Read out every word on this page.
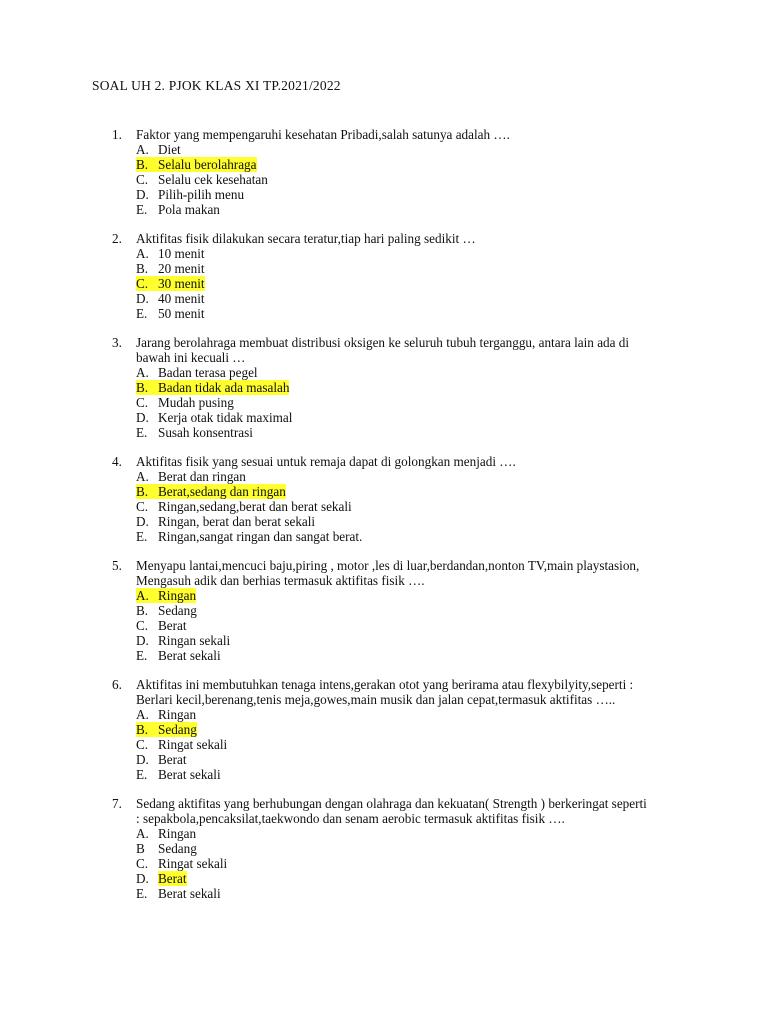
SOAL UH 2. PJOK KLAS XI TP.2021/2022
1. Faktor yang mempengaruhi kesehatan Pribadi,salah satunya adalah ….
A. Diet
B. Selalu berolahraga
C. Selalu cek kesehatan
D. Pilih-pilih menu
E. Pola makan
2. Aktifitas fisik dilakukan secara teratur,tiap hari paling sedikit …
A. 10 menit
B. 20 menit
C. 30 menit
D. 40 menit
E. 50 menit
3. Jarang berolahraga membuat distribusi oksigen ke seluruh tubuh terganggu, antara lain ada di
bawah ini kecuali …
A. Badan terasa pegel
B. Badan tidak ada masalah
C. Mudah pusing
D. Kerja otak tidak maximal
E. Susah konsentrasi
4. Aktifitas fisik yang sesuai untuk remaja dapat di golongkan menjadi ….
A. Berat dan ringan
B. Berat,sedang dan ringan
C. Ringan,sedang,berat dan berat sekali
D. Ringan, berat dan berat sekali
E. Ringan,sangat ringan dan sangat berat.
5. Menyapu lantai,mencuci baju,piring , motor ,les di luar,berdandan,nonton TV,main playstasion,
Mengasuh adik dan berhias termasuk aktifitas fisik ….
A. Ringan
B. Sedang
C. Berat
D. Ringan sekali
E. Berat sekali
6. Aktifitas ini membutuhkan tenaga intens,gerakan otot yang berirama atau flexybilyity,seperti :
Berlari kecil,berenang,tenis meja,gowes,main musik dan jalan cepat,termasuk aktifitas …..
A. Ringan
B. Sedang
C. Ringat sekali
D. Berat
E. Berat sekali
7. Sedang aktifitas yang berhubungan dengan olahraga dan kekuatan( Strength ) berkeringat seperti
: sepakbola,pencaksilat,taekwondo dan senam aerobic termasuk aktifitas fisik ….
A. Ringan
B	Sedang
C. Ringat sekali
D. Berat
E. Berat sekali
